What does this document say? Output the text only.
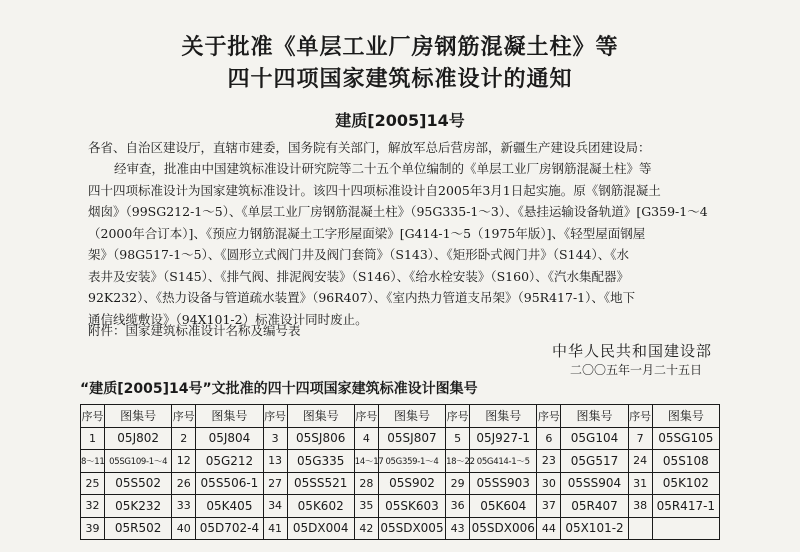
关于批准《单层工业厂房钢筋混凝土柱》等
四十四项国家建筑标准设计的通知
建质[2005]14号
各省、自治区建设厅，直辖市建委，国务院有关部门，解放军总后营房部，新疆生产建设兵团建设局：
经审查，批准由中国建筑标准设计研究院等二十五个单位编制的《单层工业厂房钢筋混凝土柱》等
四十四项标准设计为国家建筑标准设计。该四十四项标准设计自2005年3月1日起实施。原《钢筋混凝土
烟囱》（99SG212-1～5）、《单层工业厂房钢筋混凝土柱》（95G335-1～3）、《悬挂运输设备轨道》[G359-1～4
（2000年合订本）]、《预应力钢筋混凝土工字形屋面梁》[G414-1～5（1975年版）]、《轻型屋面钢屋
架》（98G517-1～5）、《圆形立式阀门井及阀门套筒》（S143）、《矩形卧式阀门井》（S144）、《水
表井及安装》（S145）、《排气阀、排泥阀安装》（S146）、《给水栓安装》（S160）、《汽水集配器》
92K232）、《热力设备与管道疏水装置》（96R407）、《室内热力管道支吊架》（95R417-1）、《地下
通信线缆敷设》（94X101-2）标准设计同时废止。
附件：国家建筑标准设计名称及编号表
中华人民共和国建设部
二〇〇五年一月二十五日
“建质[2005]14号”文批准的四十四项国家建筑标准设计图集号
序号	图集号	序号	图集号	序号	图集号	序号	图集号	序号	图集号	序号	图集号	序号	图集号
1	05J802	2	05J804	3	05SJ806	4	05SJ807	5	05J927-1	6	05G104	7	05SG105
8～11	05SG109-1～4	12	05G212	13	05G335	14～17	05G359-1～4	18～22	05G414-1～5	23	05G517	24	05S108
25	05S502	26	05S506-1	27	05SS521	28	05S902	29	05SS903	30	05SS904	31	05K102
32	05K232	33	05K405	34	05K602	35	05SK603	36	05K604	37	05R407	38	05R417-1
39	05R502	40	05D702-4	41	05DX004	42	05SDX005	43	05SDX006	44	05X101-2		
